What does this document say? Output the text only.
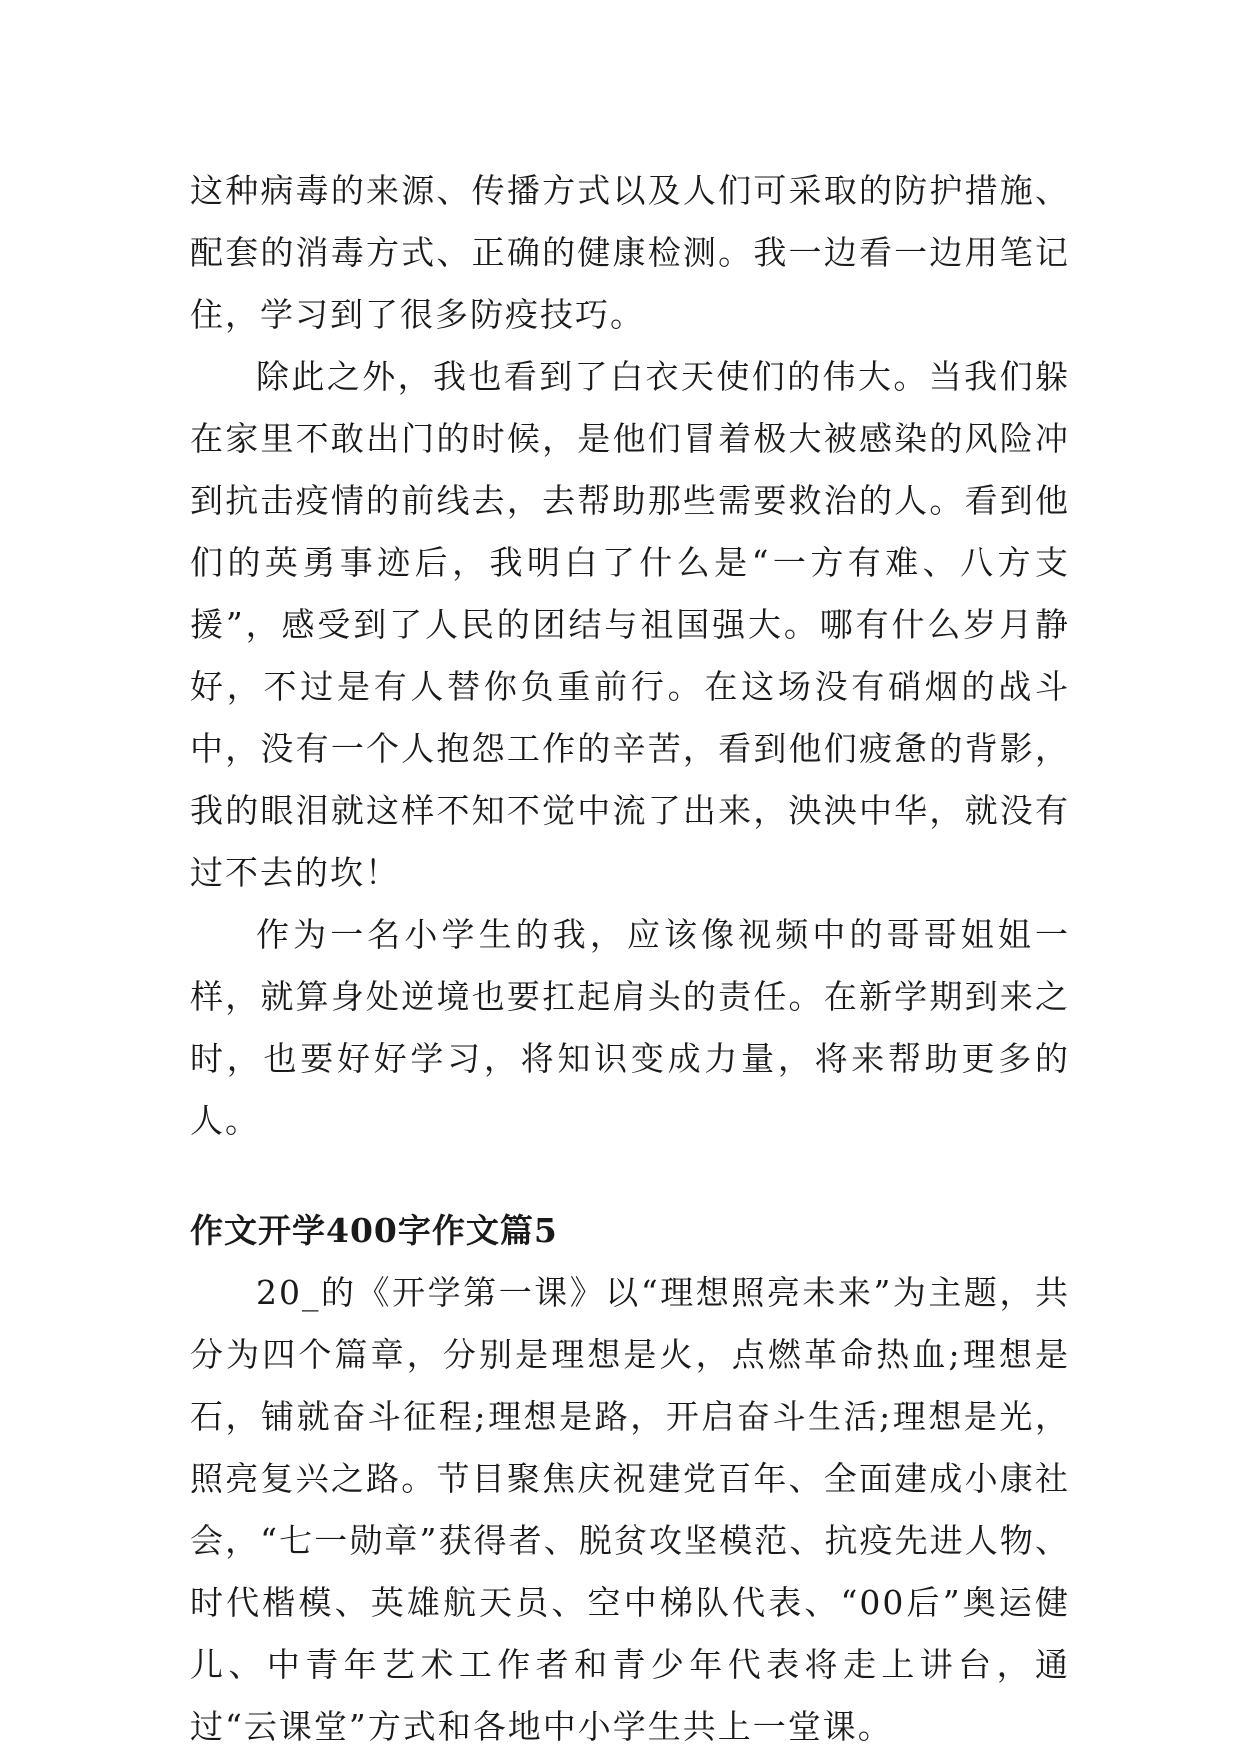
这种病毒的来源、传播方式以及人们可采取的防护措施、配套的消毒方式、正确的健康检测。我一边看一边用笔记住，学习到了很多防疫技巧。

除此之外，我也看到了白衣天使们的伟大。当我们躲在家里不敢出门的时候，是他们冒着极大被感染的风险冲到抗击疫情的前线去，去帮助那些需要救治的人。看到他们的英勇事迹后，我明白了什么是“一方有难、八方支援”，感受到了人民的团结与祖国强大。哪有什么岁月静好，不过是有人替你负重前行。在这场没有硝烟的战斗中，没有一个人抱怨工作的辛苦，看到他们疲惫的背影，我的眼泪就这样不知不觉中流了出来，泱泱中华，就没有过不去的坎！

作为一名小学生的我，应该像视频中的哥哥姐姐一样，就算身处逆境也要扛起肩头的责任。在新学期到来之时，也要好好学习，将知识变成力量，将来帮助更多的人。

作文开学400字作文篇5

20_的《开学第一课》以“理想照亮未来”为主题，共分为四个篇章，分别是理想是火，点燃革命热血;理想是石，铺就奋斗征程;理想是路，开启奋斗生活;理想是光，照亮复兴之路。节目聚焦庆祝建党百年、全面建成小康社会，“七一勋章”获得者、脱贫攻坚模范、抗疫先进人物、时代楷模、英雄航天员、空中梯队代表、“00后”奥运健儿、中青年艺术工作者和青少年代表将走上讲台，通过“云课堂”方式和各地中小学生共上一堂课。
